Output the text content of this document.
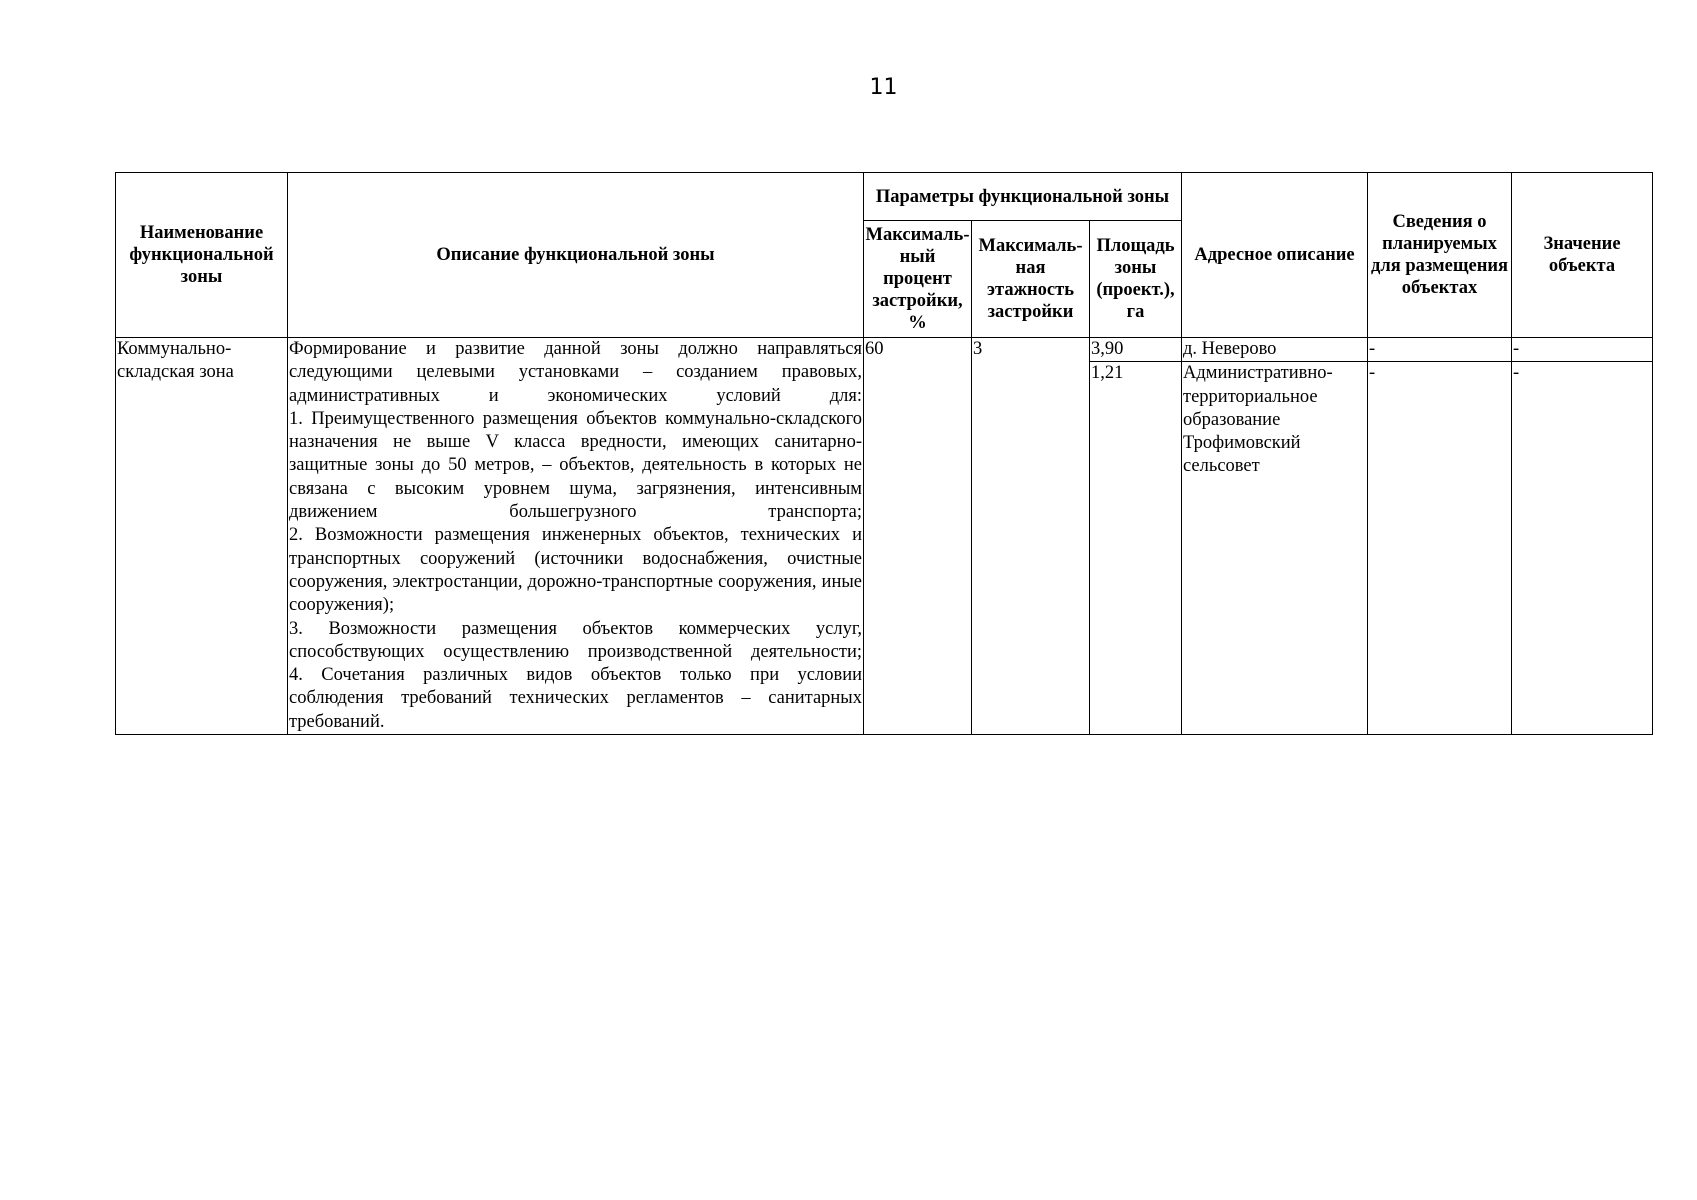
11
Наименование функциональной зоны	Описание функциональной зоны	Параметры функциональной зоны			Адресное описание	Сведения о планируемых для размещения объектах	Значение объекта
		Максимальный процент застройки, %	Максимальная этажность застройки	Площадь зоны (проект.), га			
Коммунально-складская зона	Формирование и развитие данной зоны должно направляться следующими целевыми установками – созданием правовых, административных и экономических условий для:

1. Преимущественного размещения объектов коммунально-складского назначения не выше V класса вредности, имеющих санитарно-защитные зоны до 50 метров, – объектов, деятельность в которых не связана с высоким уровнем шума, загрязнения, интенсивным движением большегрузного транспорта;

2. Возможности размещения инженерных объектов, технических и транспортных сооружений (источники водоснабжения, очистные сооружения, электростанции, дорожно-транспортные сооружения, иные сооружения);

3. Возможности размещения объектов коммерческих услуг, способствующих осуществлению производственной деятельности;

4. Сочетания различных видов объектов только при условии соблюдения требований технических регламентов – санитарных требований.	60	3	3,90	д. Неверово	-	-
				1,21	Административно-территориальное образование Трофимовский сельсовет	-	-
